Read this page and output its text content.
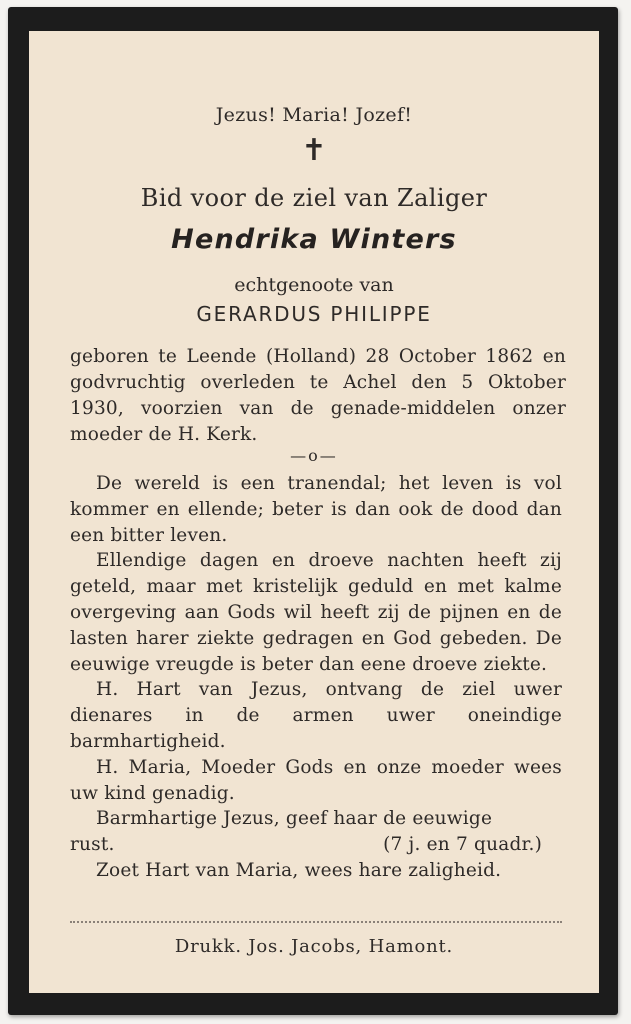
Jezus! Maria! Jozef!
✝
Bid voor de ziel van Zaliger
Hendrika Winters
echtgenoote van
GERARDUS PHILIPPE
geboren te Leende (Holland) 28 October 1862 en godvruchtig overleden te Achel den 5 Oktober 1930, voorzien van de genade-middelen onzer moeder de H. Kerk.
—o—

De wereld is een tranendal; het leven is vol kommer en ellende; beter is dan ook de dood dan een bitter leven.

Ellendige dagen en droeve nachten heeft zij geteld, maar met kristelijk geduld en met kalme overgeving aan Gods wil heeft zij de pijnen en de lasten harer ziekte gedragen en God gebeden. De eeuwige vreugde is beter dan eene droeve ziekte.

H. Hart van Jezus, ontvang de ziel uwer dienares in de armen uwer oneindige barmhartigheid.

H. Maria, Moeder Gods en onze moeder wees uw kind genadig.

Barmhartige Jezus, geef haar de eeuwige

rust.	(7 j. en 7 quadr.)

Zoet Hart van Maria, wees hare zaligheid.

Drukk. Jos. Jacobs, Hamont.
